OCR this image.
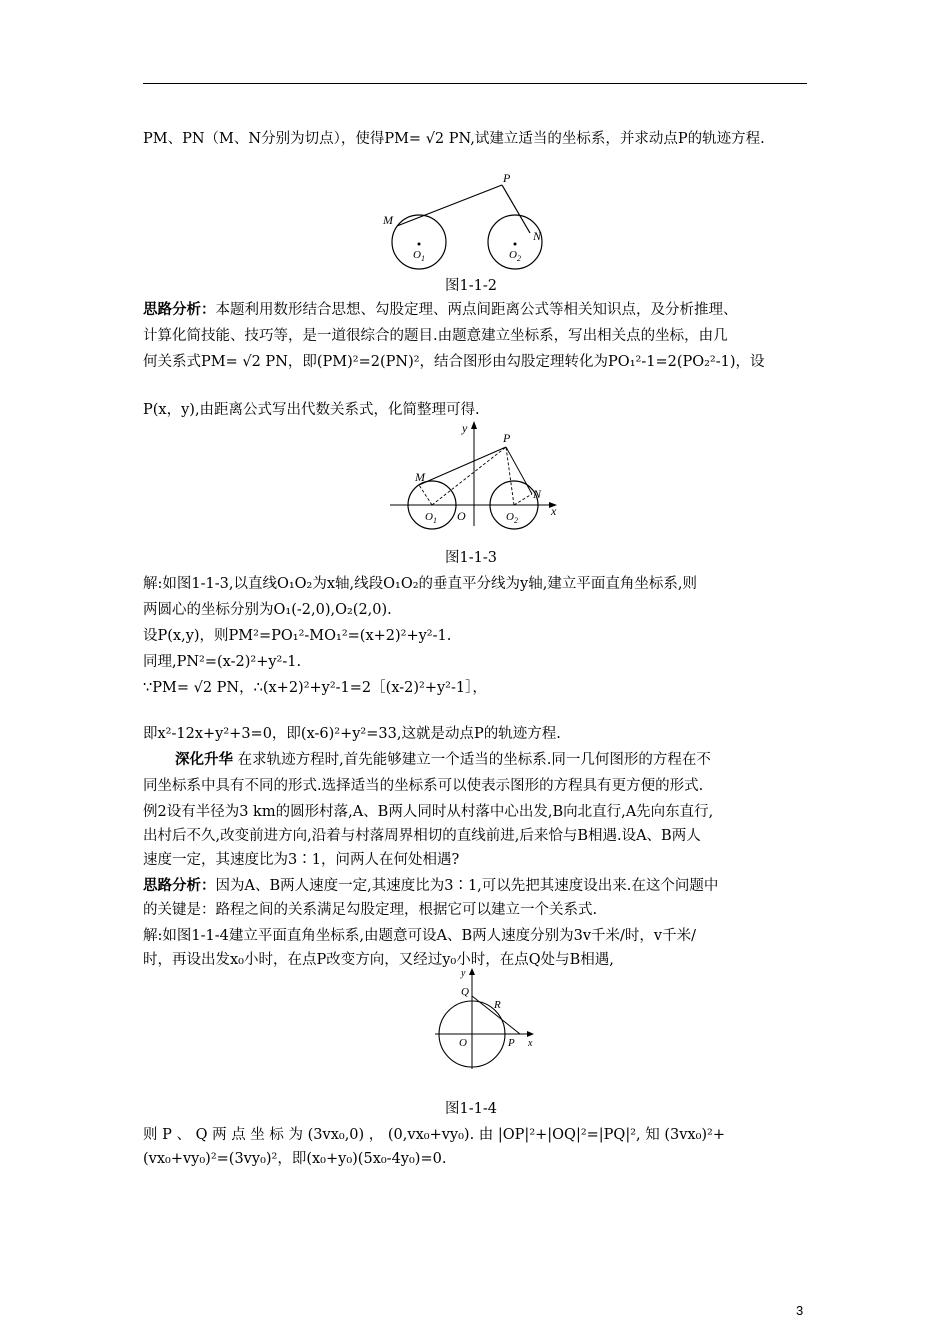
PM、PN（M、N分别为切点），使得PM= √2 PN,试建立适当的坐标系，并求动点P的轨迹方程.
P
M
N
O 1	O 2
图1-1-2
思路分析：本题利用数形结合思想、勾股定理、两点间距离公式等相关知识点，及分析推理、
计算化简技能、技巧等，是一道很综合的题目.由题意建立坐标系，写出相关点的坐标，由几
何关系式PM= √2 PN，即(PM)²=2(PN)²，结合图形由勾股定理转化为PO₁²-1=2(PO₂²-1)，设
P(x，y),由距离公式写出代数关系式，化简整理可得.
y
x
P
M
N
O 1 O	O 2
图1-1-3
解:如图1-1-3,以直线O₁O₂为x轴,线段O₁O₂的垂直平分线为y轴,建立平面直角坐标系,则
两圆心的坐标分别为O₁(-2,0),O₂(2,0).
设P(x,y)，则PM²=PO₁²-MO₁²=(x+2)²+y²-1.
同理,PN²=(x-2)²+y²-1.
∵PM= √2 PN，∴(x+2)²+y²-1=2［(x-2)²+y²-1］，
即x²-12x+y²+3=0，即(x-6)²+y²=33,这就是动点P的轨迹方程.
深化升华 在求轨迹方程时,首先能够建立一个适当的坐标系.同一几何图形的方程在不
同坐标系中具有不同的形式.选择适当的坐标系可以使表示图形的方程具有更方便的形式.
例2设有半径为3 km的圆形村落,A、B两人同时从村落中心出发,B向北直行,A先向东直行,
出村后不久,改变前进方向,沿着与村落周界相切的直线前进,后来恰与B相遇.设A、B两人
速度一定，其速度比为3∶1，问两人在何处相遇?
思路分析：因为A、B两人速度一定,其速度比为3∶1,可以先把其速度设出来.在这个问题中
的关键是：路程之间的关系满足勾股定理，根据它可以建立一个关系式.
解:如图1-1-4建立平面直角坐标系,由题意可设A、B两人速度分别为3v千米/时，v千米/
时，再设出发x₀小时，在点P改变方向，又经过y₀小时，在点Q处与B相遇,
y
x
Q
R
O	P
图1-1-4
则 P 、 Q 两 点 坐 标 为 (3vx₀,0) ， (0,vx₀+vy₀). 由 |OP|²+|OQ|²=|PQ|², 知 (3vx₀)²+
(vx₀+vy₀)²=(3vy₀)²，即(x₀+y₀)(5x₀-4y₀)=0.
3
